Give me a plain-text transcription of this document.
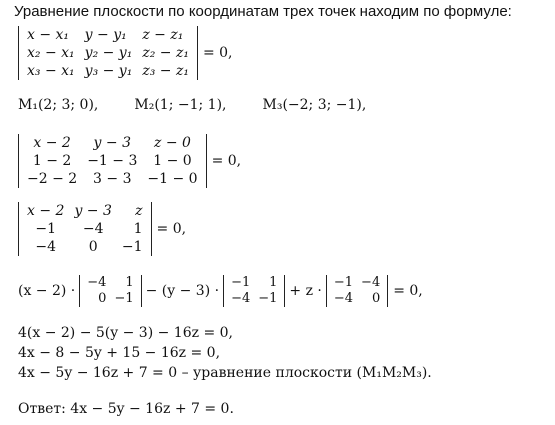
Уравнение плоскости по координатам трех точек находим по формуле:
x − x₁	y − y₁	z − z₁
x₂ − x₁	y₂ − y₁	z₂ − z₁
x₃ − x₁	y₃ − y₁	z₃ − z₁
= 0,
M₁(2; 3; 0),	M₂(1; −1; 1),	M₃(−2; 3; −1),
x − 2	y − 3	z − 0
1 − 2	−1 − 3	1 − 0
−2 − 2	3 − 3	−1 − 0
= 0,
x − 2	y − 3	z
−1	−4	1
−4	0	−1
= 0,
(x − 2) ·
−4	1
0	−1 − (y − 3) ·
−1	1
−4	−1 + z ·
−1	−4
−4	0 = 0,
4(x − 2) − 5(y − 3) − 16z = 0,
4x − 8 − 5y + 15 − 16z = 0,
4x − 5y − 16z + 7 = 0 – уравнение плоскости (M₁M₂M₃).
Ответ: 4x − 5y − 16z + 7 = 0.
